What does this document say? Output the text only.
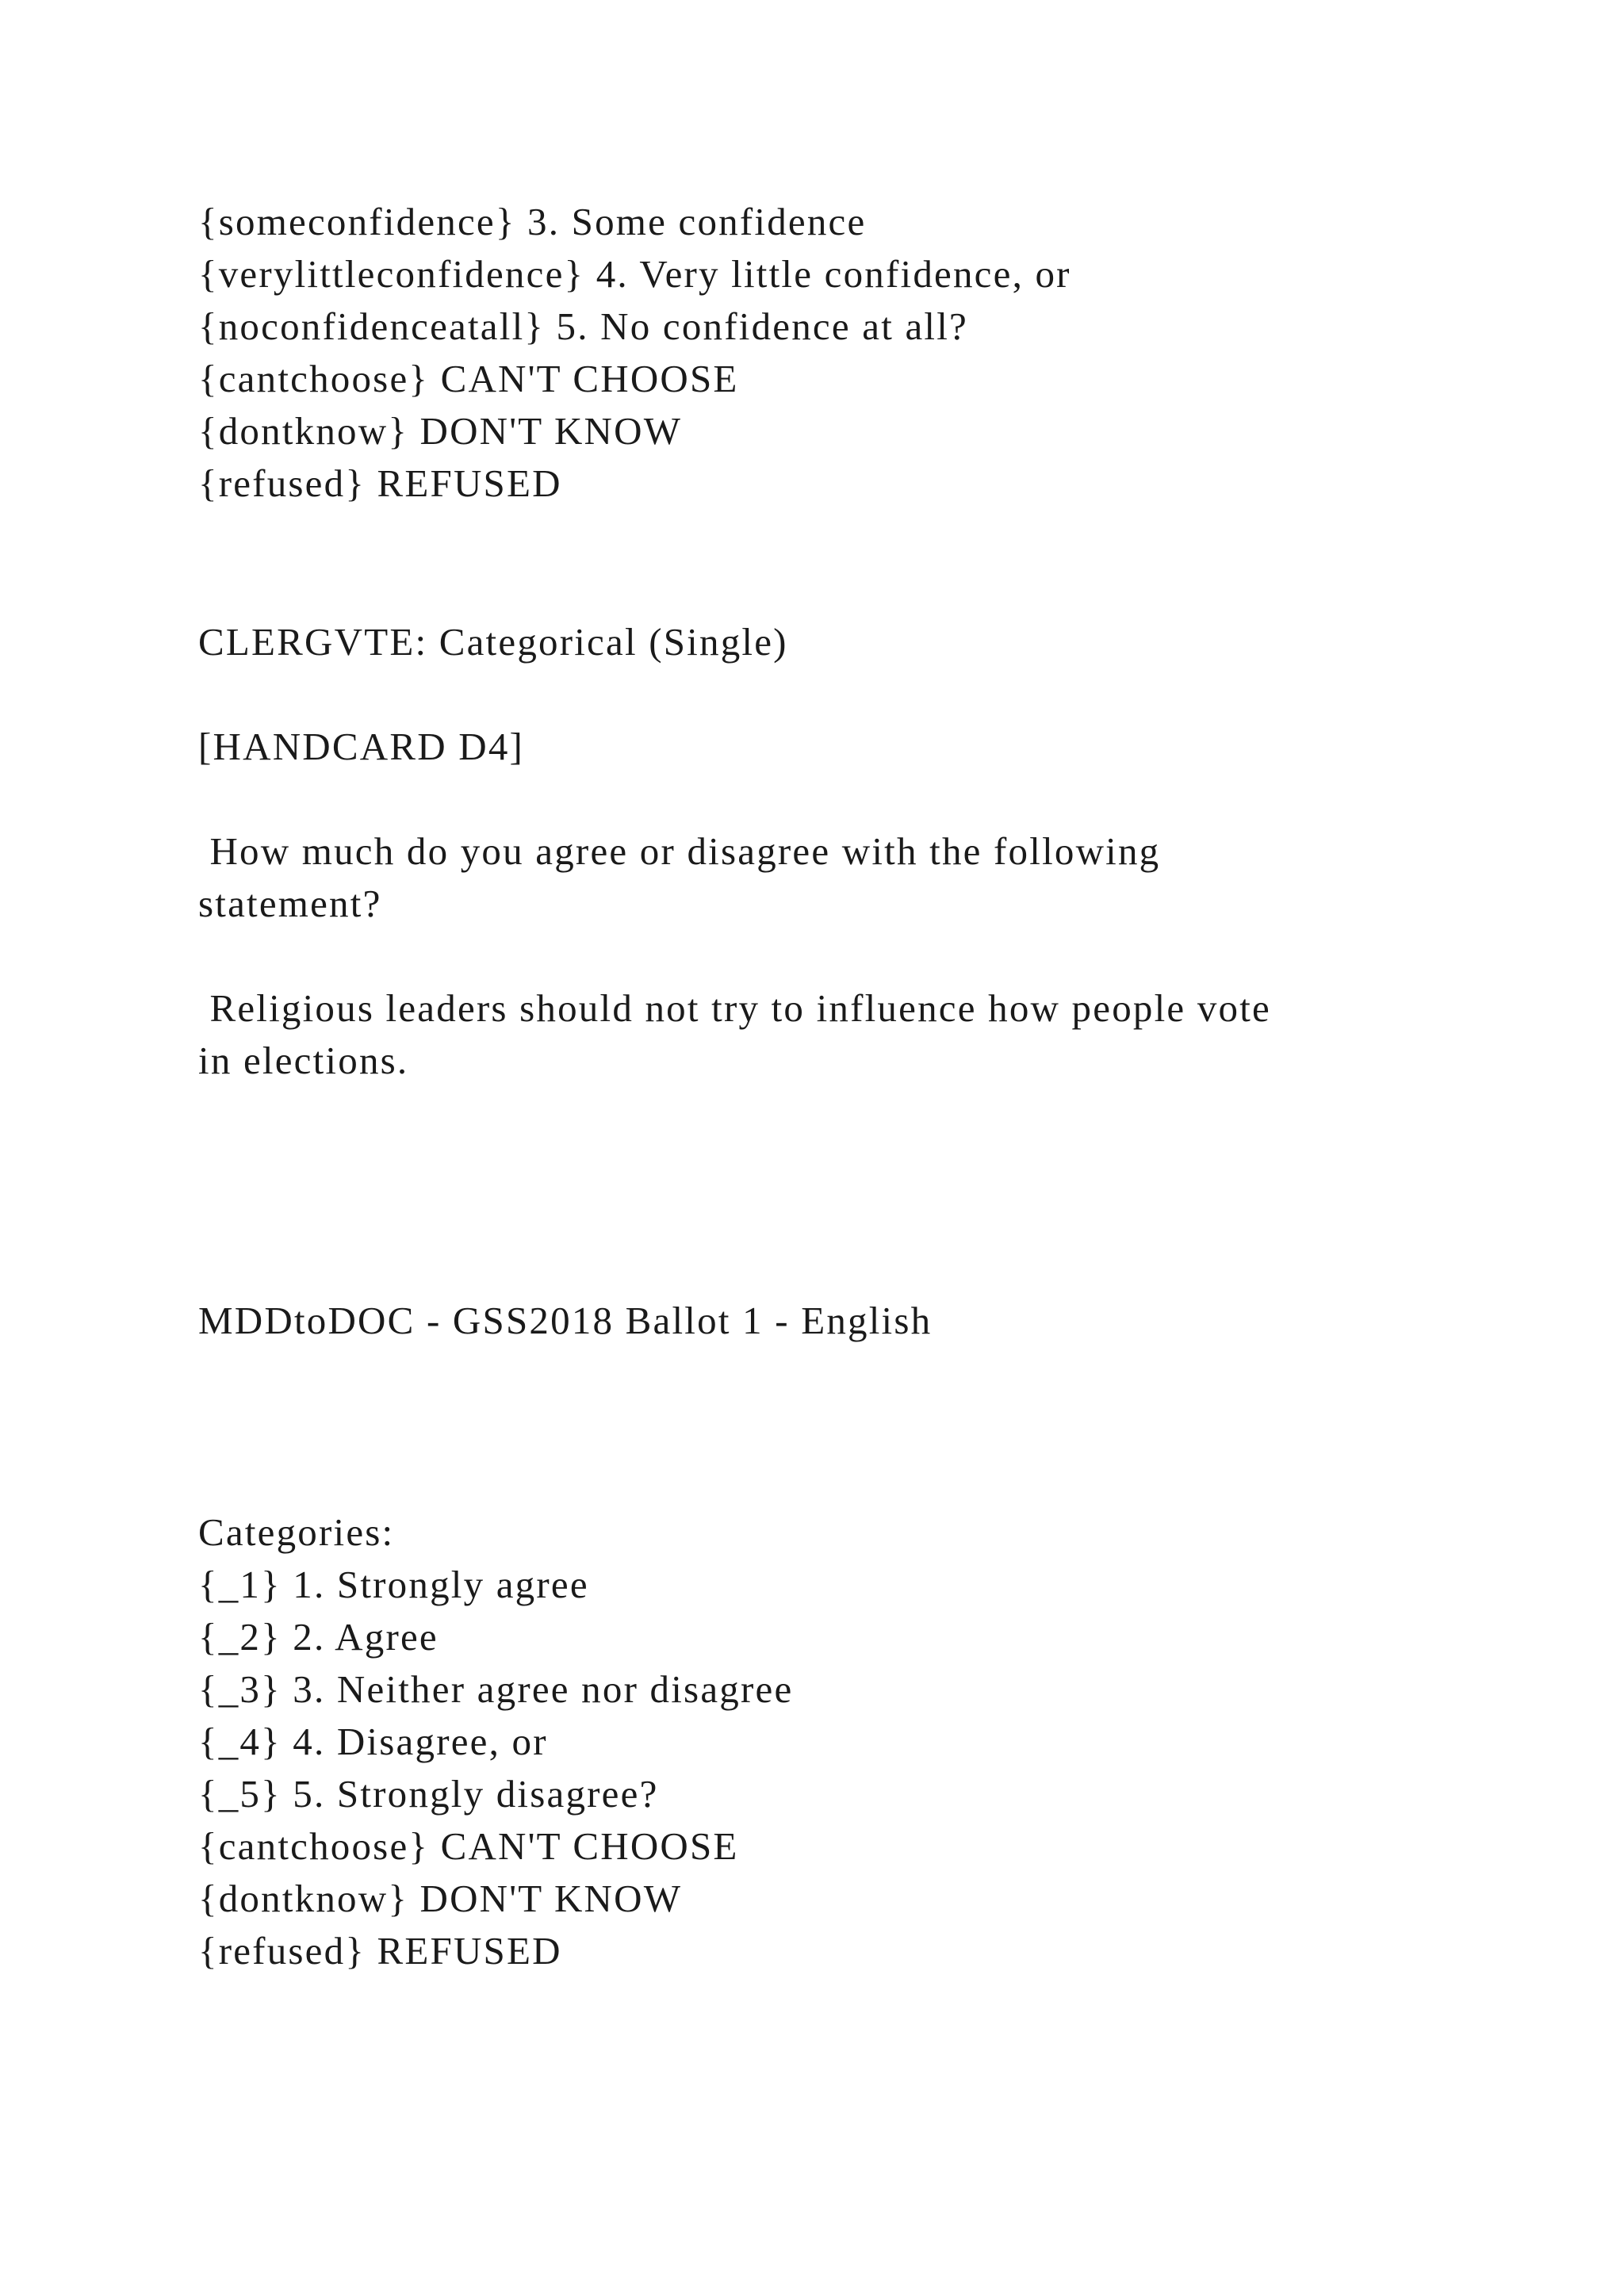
{someconfidence} 3. Some confidence

{verylittleconfidence} 4. Very little confidence, or

{noconfidenceatall} 5. No confidence at all?

{cantchoose} CAN'T CHOOSE

{dontknow} DON'T KNOW

{refused} REFUSED

CLERGVTE: Categorical (Single)

[HANDCARD D4]

How much do you agree or disagree with the following

statement?

Religious leaders should not try to influence how people vote

in elections.

MDDtoDOC - GSS2018 Ballot 1 - English

Categories:

{_1} 1. Strongly agree

{_2} 2. Agree

{_3} 3. Neither agree nor disagree

{_4} 4. Disagree, or

{_5} 5. Strongly disagree?

{cantchoose} CAN'T CHOOSE

{dontknow} DON'T KNOW

{refused} REFUSED
